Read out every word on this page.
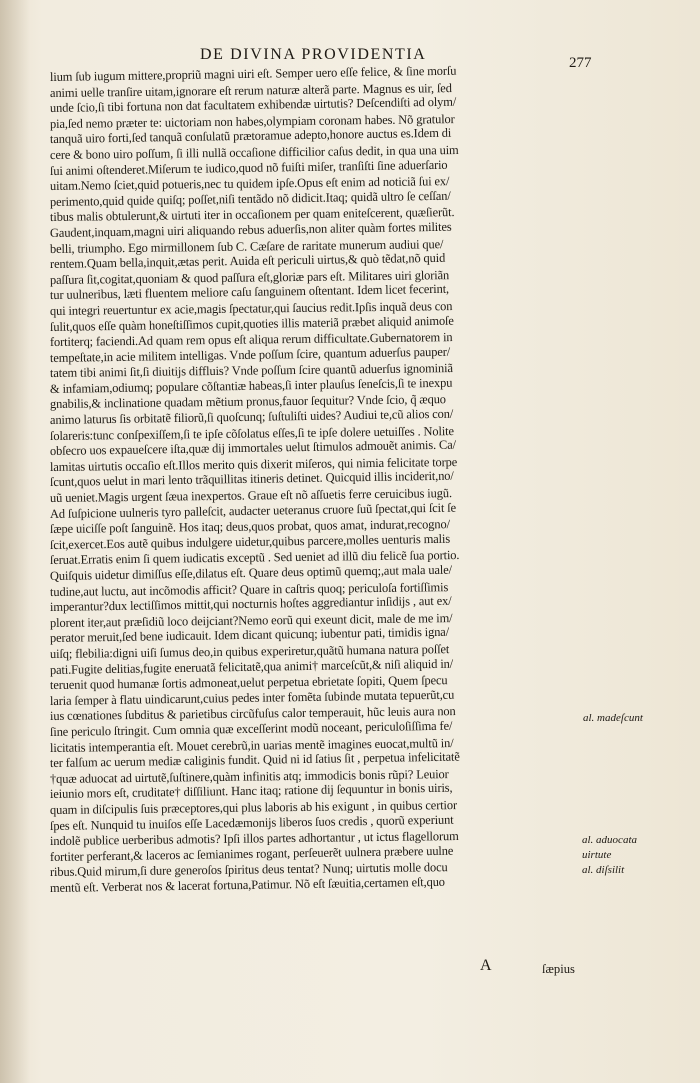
DE DIVINA PROVIDENTIA	277
lium ſub iugum mittere,propriũ magni uiri eſt. Semper uero eſſe felice, & ſine morſu
animi uelle tranſire uitam,ignorare eſt rerum naturæ alterã parte. Magnus es uir, ſed
unde ſcio,ſi tibi fortuna non dat facultatem exhibendæ uirtutis? Deſcendiſti ad olym/
pia,ſed nemo præter te: uictoriam non habes,olympiam coronam habes. Nõ gratulor
tanquã uiro forti,ſed tanquã conſulatũ prætoramue adepto,honore auctus es.Idem di
cere & bono uiro poſſum, ſi illi nullã occaſione difficilior caſus dedit, in qua una uim
ſui animi oſtenderet.Miſerum te iudico,quod nõ fuiſti miſer, tranſiſti ſine aduerſario
uitam.Nemo ſciet,quid potueris,nec tu quidem ipſe.Opus eſt enim ad noticiã ſui ex/
perimento,quid quide quiſq; poſſet,niſi tentãdo nõ didicit.Itaq; quidã ultro ſe ceſſan/
tibus malis obtulerunt,& uirtuti iter in occaſionem per quam eniteſcerent, quæſierũt.
Gaudent,inquam,magni uiri aliquando rebus aduerſis,non aliter quàm fortes milites
belli, triumpho. Ego mirmillonem ſub C. Cæſare de raritate munerum audiui que/
rentem.Quam bella,inquit,ætas perit. Auida eſt periculi uirtus,& quò tẽdat,nõ quid
paſſura ſit,cogitat,quoniam & quod paſſura eſt,gloriæ pars eſt. Militares uiri gloriãn
tur uulneribus, læti fluentem meliore caſu ſanguinem oſtentant. Idem licet fecerint,
qui integri reuertuntur ex acie,magis ſpectatur,qui ſaucius redit.Ipſis inquã deus con
ſulit,quos eſſe quàm honeſtiſſimos cupit,quoties illis materiã præbet aliquid animoſe
fortiterq; faciendi.Ad quam rem opus eſt aliqua rerum difficultate.Gubernatorem in
tempeſtate,in acie militem intelligas. Vnde poſſum ſcire, quantum aduerſus pauper/
tatem tibi animi ſit,ſi diuitijs diffluis? Vnde poſſum ſcire quantũ aduerſus ignominiã
& infamiam,odiumq; populare cõſtantiæ habeas,ſi inter plauſus ſeneſcis,ſi te inexpu
gnabilis,& inclinatione quadam mẽtium pronus,fauor ſequitur? Vnde ſcio, q̃ æquo
animo laturus ſis orbitatẽ filiorũ,ſi quoſcunq; ſuſtuliſti uides? Audiui te,cũ alios con/
ſolareris:tunc conſpexiſſem,ſi te ipſe cõſolatus eſſes,ſi te ipſe dolere uetuiſſes . Nolite
obſecro uos expaueſcere iſta,quæ dij immortales uelut ſtimulos admouẽt animis. Ca/
lamitas uirtutis occaſio eſt.Illos merito quis dixerit miſeros, qui nimia felicitate torpe
ſcunt,quos uelut in mari lento trãquillitas itineris detinet. Quicquid illis inciderit,no/
uũ ueniet.Magis urgent ſæua inexpertos. Graue eſt nõ aſſuetis ferre ceruicibus iugũ.
Ad ſuſpicione uulneris tyro palleſcit, audacter ueteranus cruore ſuũ ſpectat,qui ſcit ſe
ſæpe uiciſſe poſt ſanguinẽ. Hos itaq; deus,quos probat, quos amat, indurat,recogno/
ſcit,exercet.Eos autẽ quibus indulgere uidetur,quibus parcere,molles uenturis malis
ſeruat.Erratis enim ſi quem iudicatis exceptũ . Sed ueniet ad illũ diu felicẽ ſua portio.
Quiſquis uidetur dimiſſus eſſe,dilatus eſt. Quare deus optimũ quemq;,aut mala uale/
tudine,aut luctu, aut incõmodis afficit? Quare in caſtris quoq; periculoſa fortiſſimis
imperantur?dux lectiſſimos mittit,qui nocturnis hoſtes aggrediantur inſidijs , aut ex/
plorent iter,aut præſidiũ loco deijciant?Nemo eorũ qui exeunt dicit, male de me im/
perator meruit,ſed bene iudicauit. Idem dicant quicunq; iubentur pati, timidis igna/
uiſq; flebilia:digni uiſi ſumus deo,in quibus experiretur,quãtũ humana natura poſſet
pati.Fugite delitias,fugite eneruatã felicitatẽ,qua animi† marceſcũt,& niſi aliquid in/
teruenit quod humanæ ſortis admoneat,uelut perpetua ebrietate ſopiti, Quem ſpecu
laria ſemper à flatu uindicarunt,cuius pedes inter fomẽta ſubinde mutata tepuerũt,cu
ius cœnationes ſubditus & parietibus circũfuſus calor temperauit, hũc leuis aura non
ſine periculo ſtringit. Cum omnia quæ exceſſerint modũ noceant, periculoſiſſima fe/
licitatis intemperantia eſt. Mouet cerebrũ,in uarias mentẽ imagines euocat,multũ in/
ter falſum ac uerum mediæ caliginis fundit. Quid ni id ſatius ſit , perpetua infelicitatẽ
†quæ aduocat ad uirtutẽ,ſuſtinere,quàm infinitis atq; immodicis bonis rũpi? Leuior
ieiunio mors eſt, cruditate† diſſiliunt. Hanc itaq; ratione dij ſequuntur in bonis uiris,
quam in diſcipulis ſuis præceptores,qui plus laboris ab his exigunt , in quibus certior
ſpes eſt. Nunquid tu inuiſos eſſe Lacedæmonijs liberos ſuos credis , quorũ experiunt
indolẽ publice uerberibus admotis? Ipſi illos partes adhortantur , ut ictus flagellorum
fortiter perferant,& laceros ac ſemianimes rogant, perſeuerẽt uulnera præbere uulne
ribus.Quid mirum,ſi dure generoſos ſpiritus deus tentat? Nunq; uirtutis molle docu
mentũ eſt. Verberat nos & lacerat fortuna,Patimur. Nõ eſt ſæuitia,certamen eſt,quo
al. madeſcunt
al. aduocata
uirtute
al. diſsilit
A	ſæpius
